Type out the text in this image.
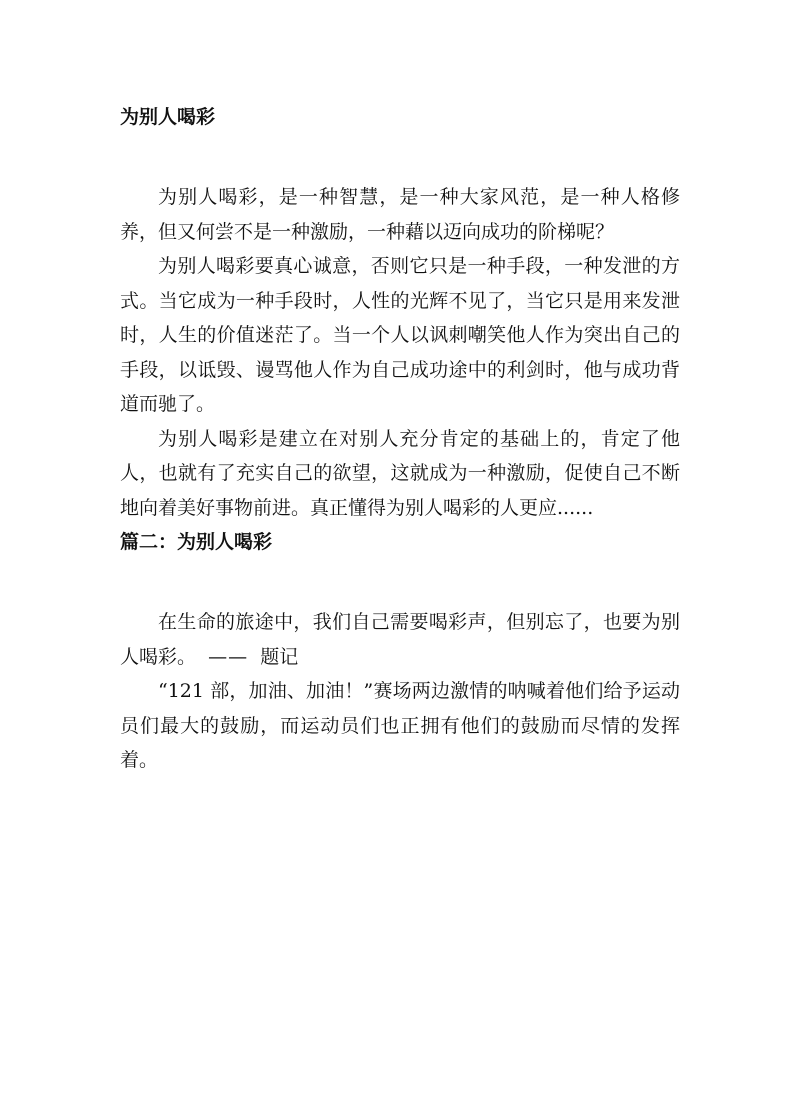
为别人喝彩

为别人喝彩，是一种智慧，是一种大家风范，是一种人格修养，但又何尝不是一种激励，一种藉以迈向成功的阶梯呢？

为别人喝彩要真心诚意，否则它只是一种手段，一种发泄的方式。当它成为一种手段时，人性的光辉不见了，当它只是用来发泄时，人生的价值迷茫了。当一个人以讽刺嘲笑他人作为突出自己的手段，以诋毁、谩骂他人作为自己成功途中的利剑时，他与成功背道而驰了。

为别人喝彩是建立在对别人充分肯定的基础上的，肯定了他人，也就有了充实自己的欲望，这就成为一种激励，促使自己不断地向着美好事物前进。真正懂得为别人喝彩的人更应......

篇二：为别人喝彩

在生命的旅途中，我们自己需要喝彩声，但别忘了，也要为别人喝彩。 —— 题记

“121 部，加油、加油！”赛场两边激情的呐喊着他们给予运动员们最大的鼓励，而运动员们也正拥有他们的鼓励而尽情的发挥着。
